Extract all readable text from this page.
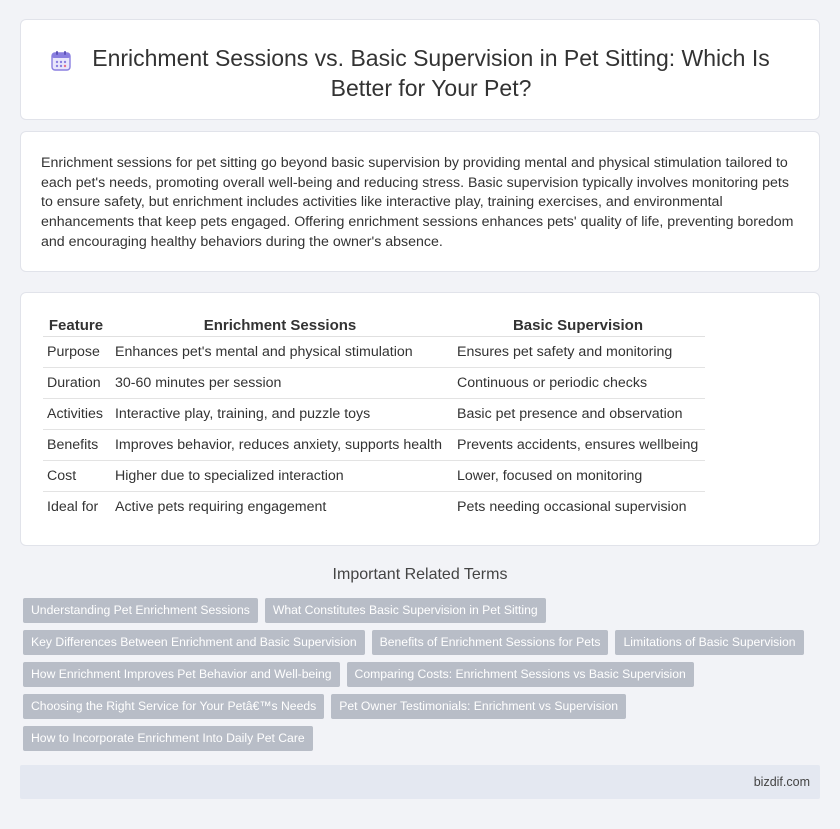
Enrichment Sessions vs. Basic Supervision in Pet Sitting: Which Is Better for Your Pet?

Enrichment sessions for pet sitting go beyond basic supervision by providing mental and physical stimulation tailored to each pet's needs, promoting overall well-being and reducing stress. Basic supervision typically involves monitoring pets to ensure safety, but enrichment includes activities like interactive play, training exercises, and environmental enhancements that keep pets engaged. Offering enrichment sessions enhances pets' quality of life, preventing boredom and encouraging healthy behaviors during the owner's absence.

Feature	Enrichment Sessions	Basic Supervision
Purpose	Enhances pet's mental and physical stimulation	Ensures pet safety and monitoring
Duration	30-60 minutes per session	Continuous or periodic checks
Activities	Interactive play, training, and puzzle toys	Basic pet presence and observation
Benefits	Improves behavior, reduces anxiety, supports health	Prevents accidents, ensures wellbeing
Cost	Higher due to specialized interaction	Lower, focused on monitoring
Ideal for	Active pets requiring engagement	Pets needing occasional supervision
Important Related Terms
Understanding Pet Enrichment Sessions	What Constitutes Basic Supervision in Pet Sitting
Key Differences Between Enrichment and Basic Supervision	Benefits of Enrichment Sessions for Pets	Limitations of Basic Supervision
How Enrichment Improves Pet Behavior and Well-being	Comparing Costs: Enrichment Sessions vs Basic Supervision
Choosing the Right Service for Your Petâ€™s Needs	Pet Owner Testimonials: Enrichment vs Supervision
How to Incorporate Enrichment Into Daily Pet Care
bizdif.com
